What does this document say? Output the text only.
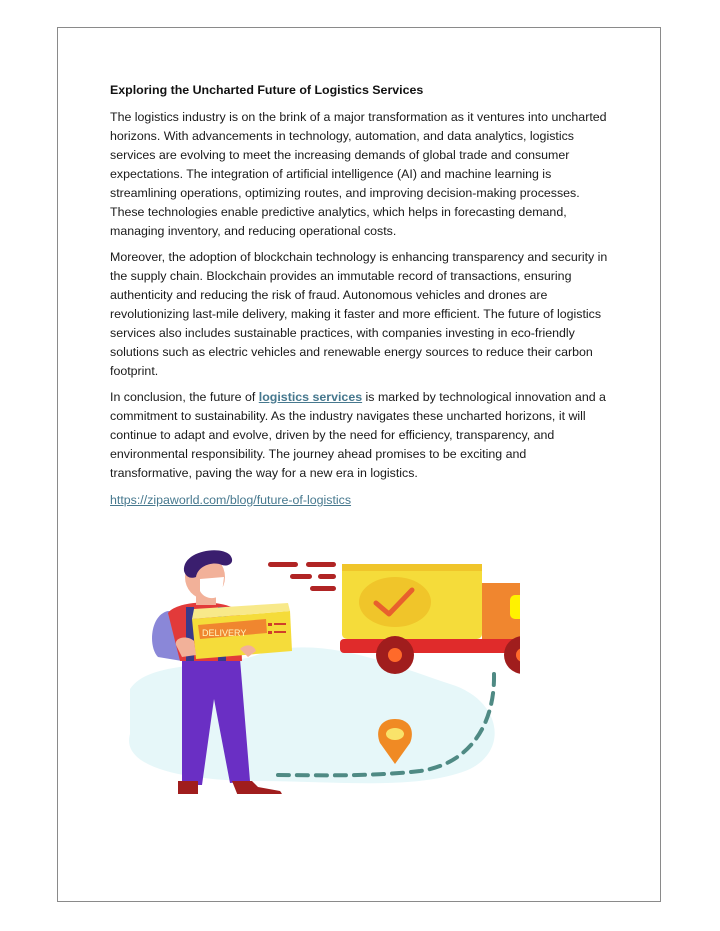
Exploring the Uncharted Future of Logistics Services

The logistics industry is on the brink of a major transformation as it ventures into uncharted horizons. With advancements in technology, automation, and data analytics, logistics services are evolving to meet the increasing demands of global trade and consumer expectations. The integration of artificial intelligence (AI) and machine learning is streamlining operations, optimizing routes, and improving decision-making processes. These technologies enable predictive analytics, which helps in forecasting demand, managing inventory, and reducing operational costs.

Moreover, the adoption of blockchain technology is enhancing transparency and security in the supply chain. Blockchain provides an immutable record of transactions, ensuring authenticity and reducing the risk of fraud. Autonomous vehicles and drones are revolutionizing last-mile delivery, making it faster and more efficient. The future of logistics services also includes sustainable practices, with companies investing in eco-friendly solutions such as electric vehicles and renewable energy sources to reduce their carbon footprint.

In conclusion, the future of logistics services is marked by technological innovation and a commitment to sustainability. As the industry navigates these uncharted horizons, it will continue to adapt and evolve, driven by the need for efficiency, transparency, and environmental responsibility. The journey ahead promises to be exciting and transformative, paving the way for a new era in logistics.

https://zipaworld.com/blog/future-of-logistics
DELIVERY
